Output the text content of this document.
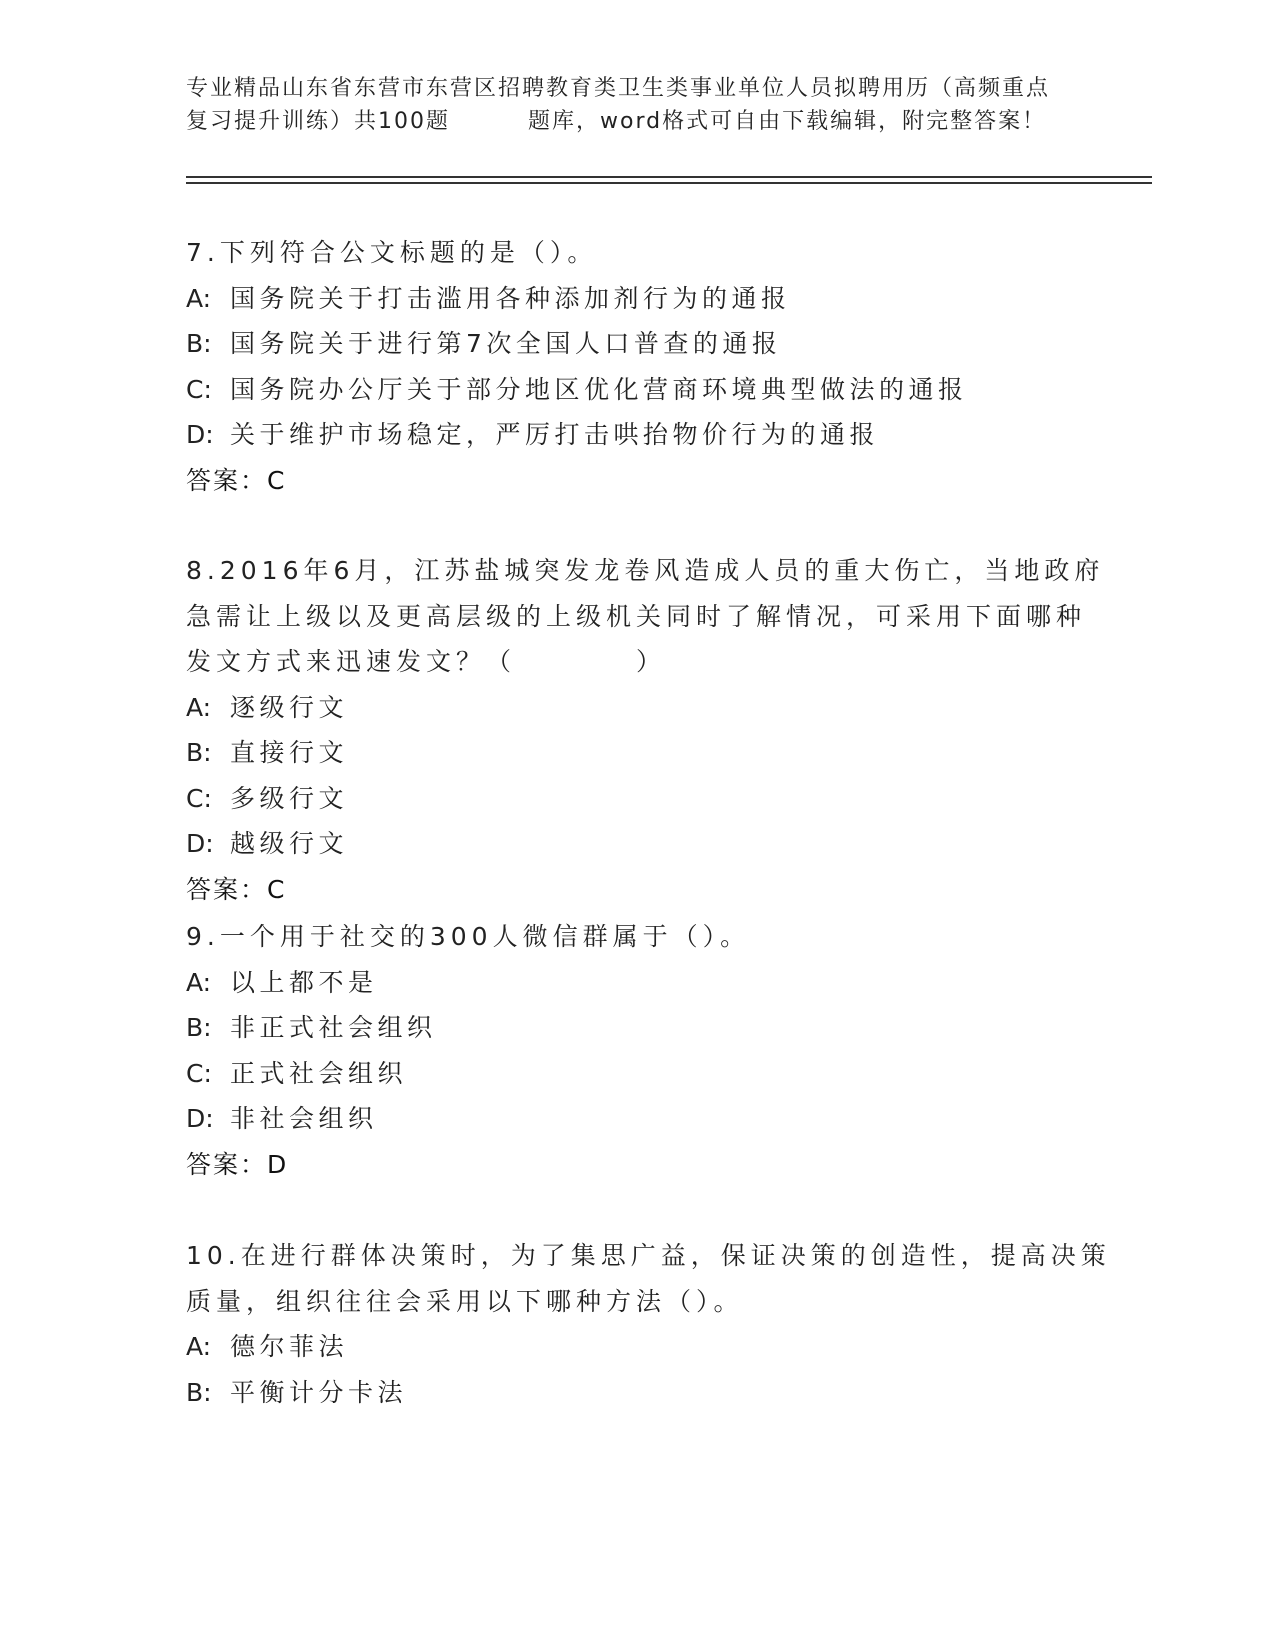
专业精品山东省东营市东营区招聘教育类卫生类事业单位人员拟聘用历（高频重点
复习提升训练）共100题	题库，word格式可自由下载编辑，附完整答案！
7.下列符合公文标题的是（）。
A: 国务院关于打击滥用各种添加剂行为的通报
B: 国务院关于进行第7次全国人口普查的通报
C: 国务院办公厅关于部分地区优化营商环境典型做法的通报
D: 关于维护市场稳定，严厉打击哄抬物价行为的通报
答案：C
8.2016年6月，江苏盐城突发龙卷风造成人员的重大伤亡，当地政府
急需让上级以及更高层级的上级机关同时了解情况，可采用下面哪种
发文方式来迅速发文？（	）
A: 逐级行文
B: 直接行文
C: 多级行文
D: 越级行文
答案：C
9.一个用于社交的300人微信群属于（）。
A: 以上都不是
B: 非正式社会组织
C: 正式社会组织
D: 非社会组织
答案：D
10.在进行群体决策时，为了集思广益，保证决策的创造性，提高决策
质量，组织往往会采用以下哪种方法（）。
A: 德尔菲法
B: 平衡计分卡法
